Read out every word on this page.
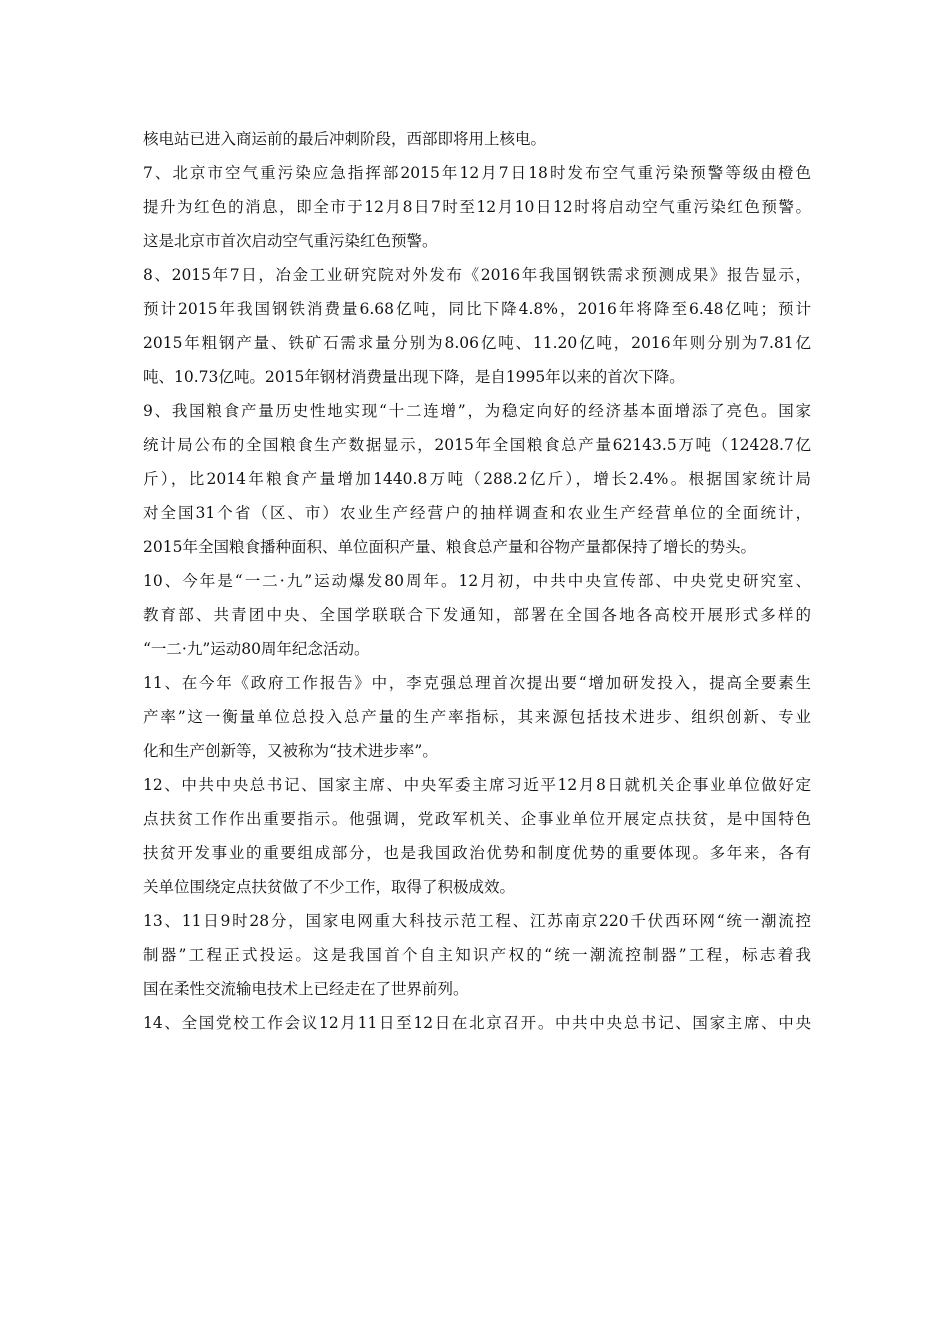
核电站已进入商运前的最后冲刺阶段，西部即将用上核电。
7、北京市空气重污染应急指挥部2015年12月7日18时发布空气重污染预警等级由橙色
提升为红色的消息，即全市于12月8日7时至12月10日12时将启动空气重污染红色预警。
这是北京市首次启动空气重污染红色预警。
8、2015年7日，冶金工业研究院对外发布《2016年我国钢铁需求预测成果》报告显示，
预计2015年我国钢铁消费量6.68亿吨，同比下降4.8%，2016年将降至6.48亿吨；预计
2015年粗钢产量、铁矿石需求量分别为8.06亿吨、11.20亿吨，2016年则分别为7.81亿
吨、10.73亿吨。2015年钢材消费量出现下降，是自1995年以来的首次下降。
9、我国粮食产量历史性地实现“十二连增”，为稳定向好的经济基本面增添了亮色。国家
统计局公布的全国粮食生产数据显示，2015年全国粮食总产量62143.5万吨（12428.7亿
斤），比2014年粮食产量增加1440.8万吨（288.2亿斤），增长2.4%。根据国家统计局
对全国31个省（区、市）农业生产经营户的抽样调查和农业生产经营单位的全面统计，
2015年全国粮食播种面积、单位面积产量、粮食总产量和谷物产量都保持了增长的势头。
10、今年是“一二·九”运动爆发80周年。12月初，中共中央宣传部、中央党史研究室、
教育部、共青团中央、全国学联联合下发通知，部署在全国各地各高校开展形式多样的
“一二·九”运动80周年纪念活动。
11、在今年《政府工作报告》中，李克强总理首次提出要“增加研发投入，提高全要素生
产率”这一衡量单位总投入总产量的生产率指标，其来源包括技术进步、组织创新、专业
化和生产创新等，又被称为“技术进步率”。
12、中共中央总书记、国家主席、中央军委主席习近平12月8日就机关企事业单位做好定
点扶贫工作作出重要指示。他强调，党政军机关、企事业单位开展定点扶贫，是中国特色
扶贫开发事业的重要组成部分，也是我国政治优势和制度优势的重要体现。多年来，各有
关单位围绕定点扶贫做了不少工作，取得了积极成效。
13、11日9时28分，国家电网重大科技示范工程、江苏南京220千伏西环网“统一潮流控
制器”工程正式投运。这是我国首个自主知识产权的“统一潮流控制器”工程，标志着我
国在柔性交流输电技术上已经走在了世界前列。
14、全国党校工作会议12月11日至12日在北京召开。中共中央总书记、国家主席、中央
